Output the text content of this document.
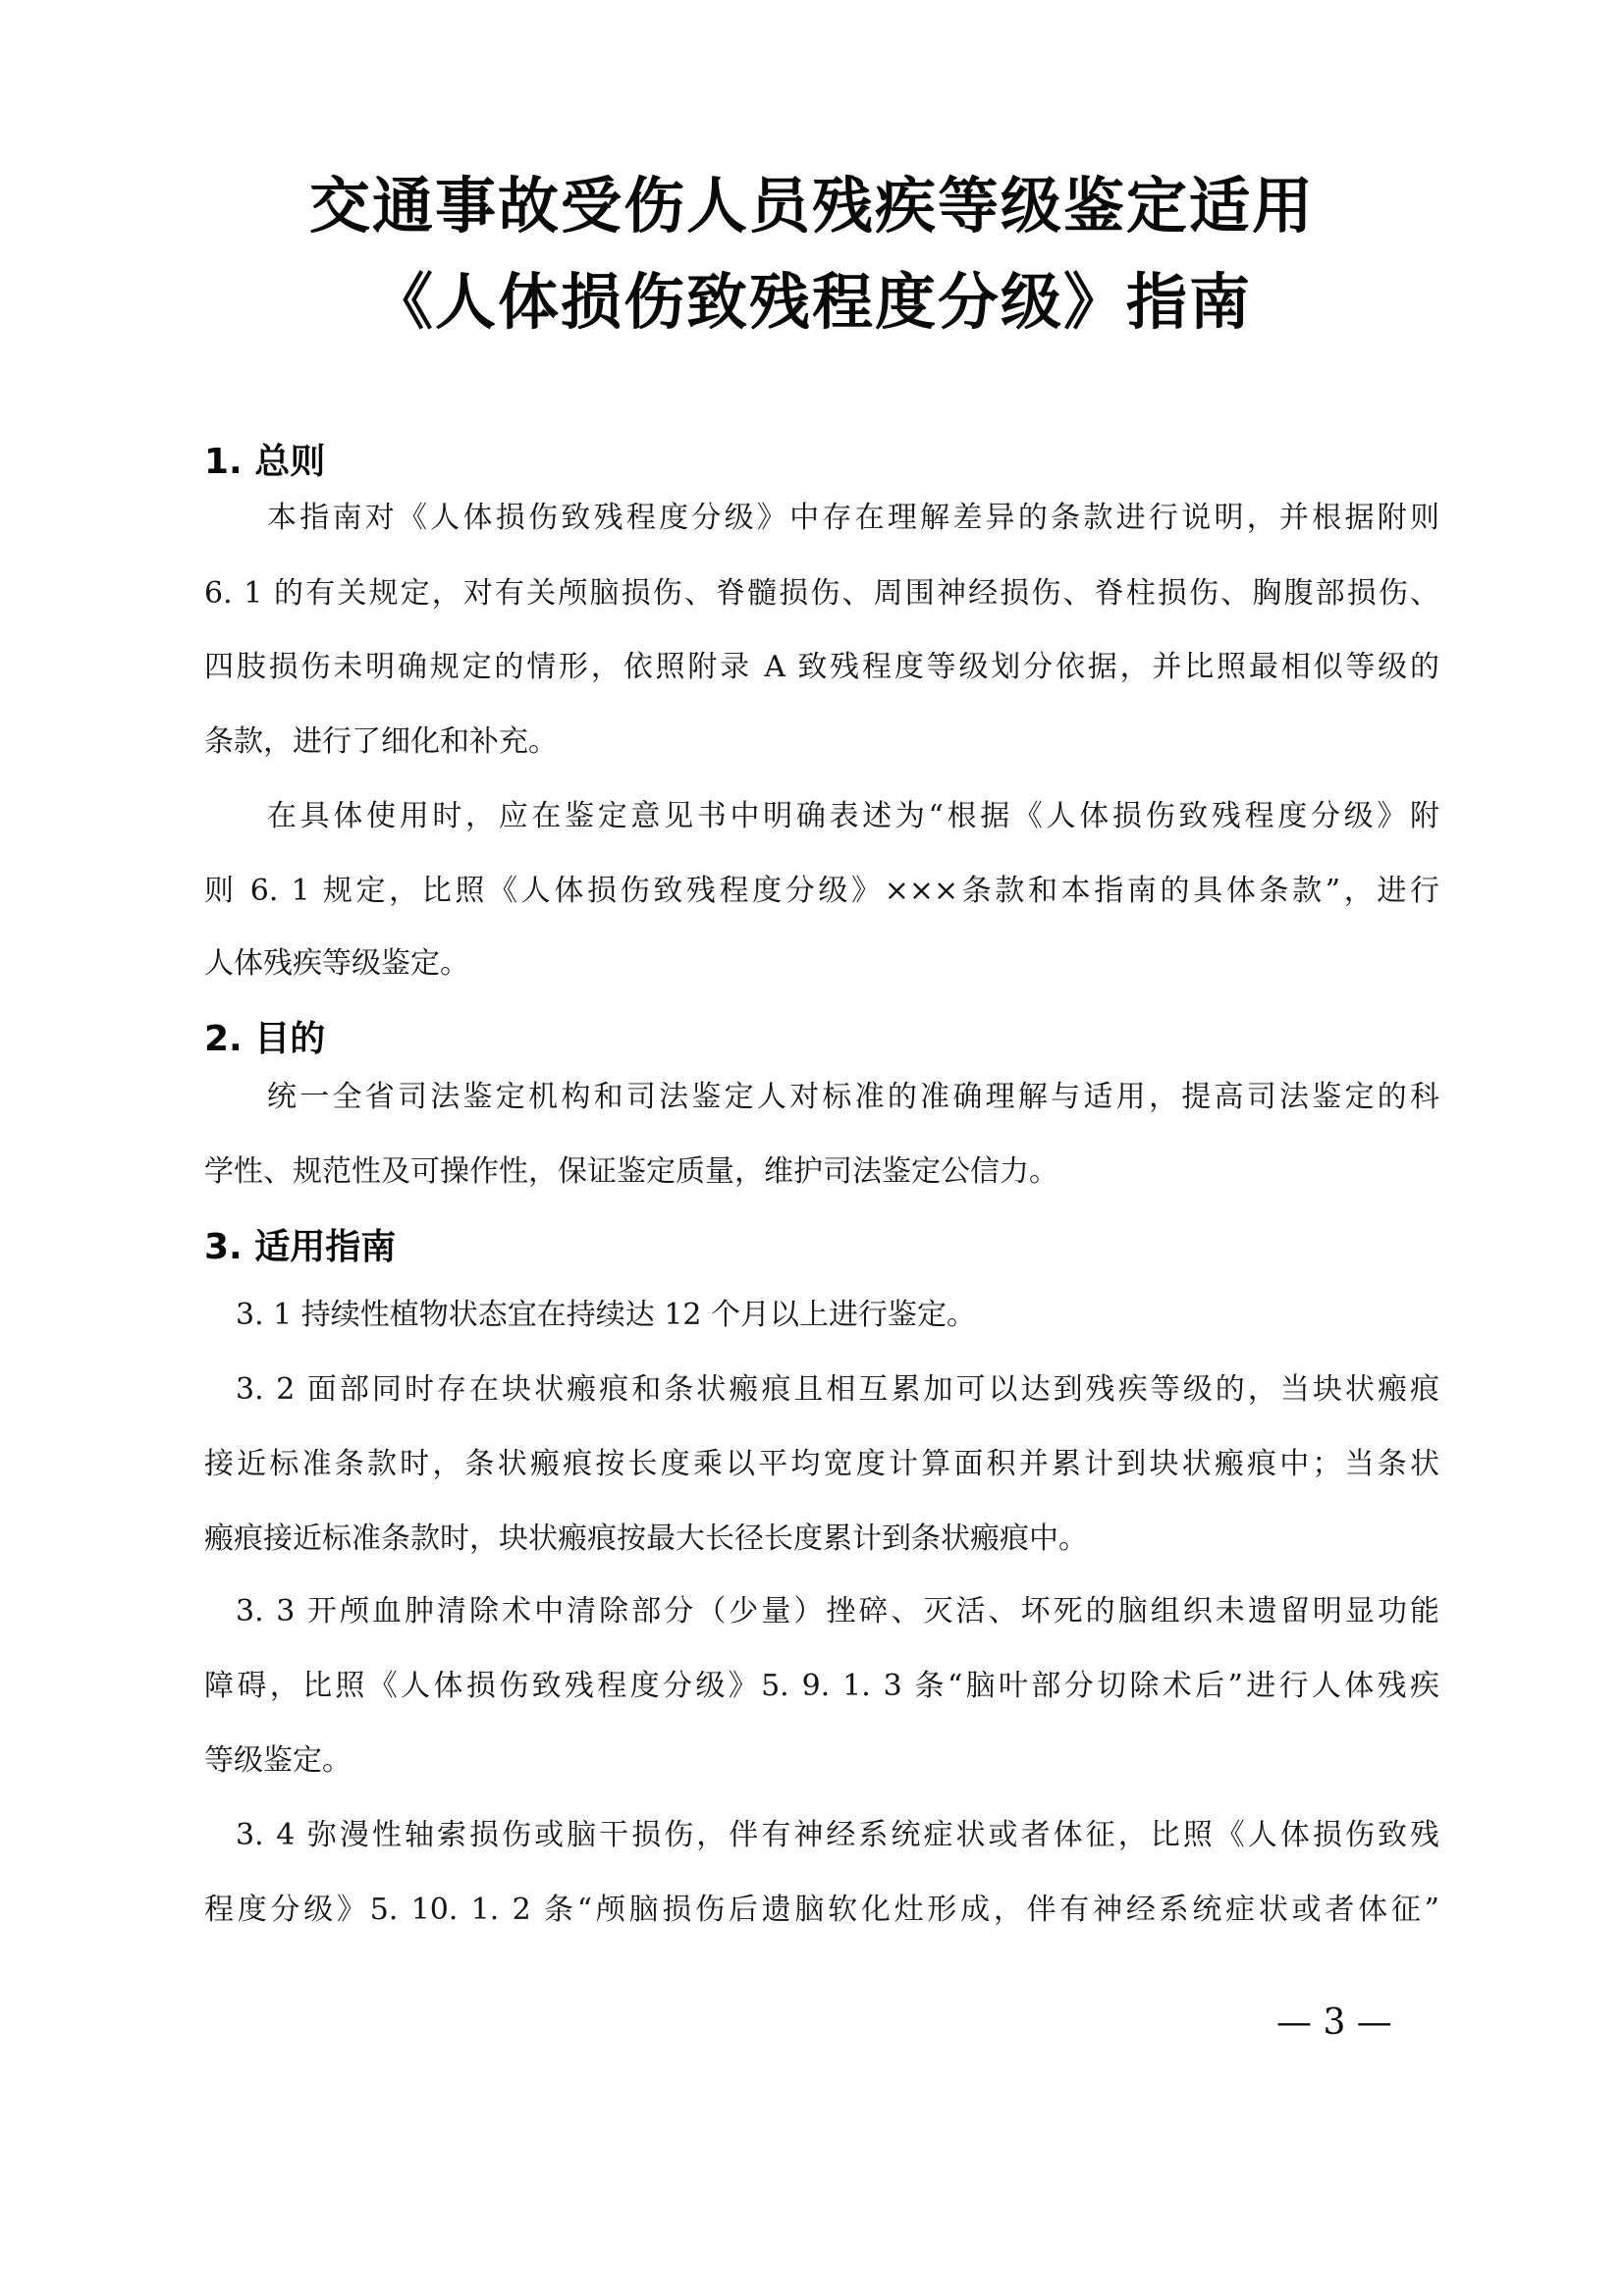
交通事故受伤人员残疾等级鉴定适用
《人体损伤致残程度分级》指南
1. 总则
本指南对《人体损伤致残程度分级》中存在理解差异的条款进行说明，并根据附则
6. 1 的有关规定，对有关颅脑损伤、脊髓损伤、周围神经损伤、脊柱损伤、胸腹部损伤、
四肢损伤未明确规定的情形，依照附录 A 致残程度等级划分依据，并比照最相似等级的
条款，进行了细化和补充。
在具体使用时，应在鉴定意见书中明确表述为“根据《人体损伤致残程度分级》附
则 6. 1 规定，比照《人体损伤致残程度分级》×××条款和本指南的具体条款”，进行
人体残疾等级鉴定。
2. 目的
统一全省司法鉴定机构和司法鉴定人对标准的准确理解与适用，提高司法鉴定的科
学性、规范性及可操作性，保证鉴定质量，维护司法鉴定公信力。
3. 适用指南
3. 1 持续性植物状态宜在持续达 12 个月以上进行鉴定。
3. 2 面部同时存在块状瘢痕和条状瘢痕且相互累加可以达到残疾等级的，当块状瘢痕
接近标准条款时，条状瘢痕按长度乘以平均宽度计算面积并累计到块状瘢痕中；当条状
瘢痕接近标准条款时，块状瘢痕按最大长径长度累计到条状瘢痕中。
3. 3 开颅血肿清除术中清除部分（少量）挫碎、灭活、坏死的脑组织未遗留明显功能
障碍，比照《人体损伤致残程度分级》5. 9. 1. 3 条“脑叶部分切除术后”进行人体残疾
等级鉴定。
3. 4 弥漫性轴索损伤或脑干损伤，伴有神经系统症状或者体征，比照《人体损伤致残
程度分级》5. 10. 1. 2 条“颅脑损伤后遗脑软化灶形成，伴有神经系统症状或者体征”
— 3 —
